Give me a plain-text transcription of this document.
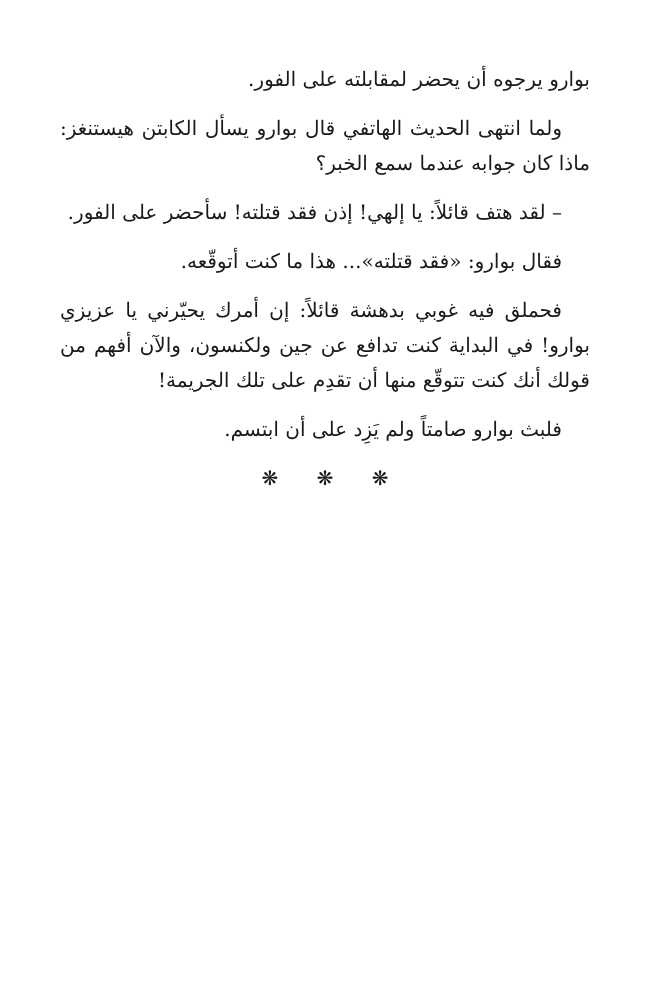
بوارو يرجوه أن يحضر لمقابلته على الفور.

ولما انتهى الحديث الهاتفي قال بوارو يسأل الكابتن هيستنغز: ماذا كان جوابه عندما سمع الخبر؟

– لقد هتف قائلاً: يا إلهي! إذن فقد قتلته! سأحضر على الفور.

فقال بوارو: «فقد قتلته»... هذا ما كنت أتوقّعه.

فحملق فيه غوبي بدهشة قائلاً: إن أمرك يحيّرني يا عزيزي بوارو! في البداية كنت تدافع عن جين ولكنسون، والآن أفهم من قولك أنك كنت تتوقّع منها أن تقدِم على تلك الجريمة!

فلبث بوارو صامتاً ولم يَزِد على أن ابتسم.

❋ ❋ ❋
